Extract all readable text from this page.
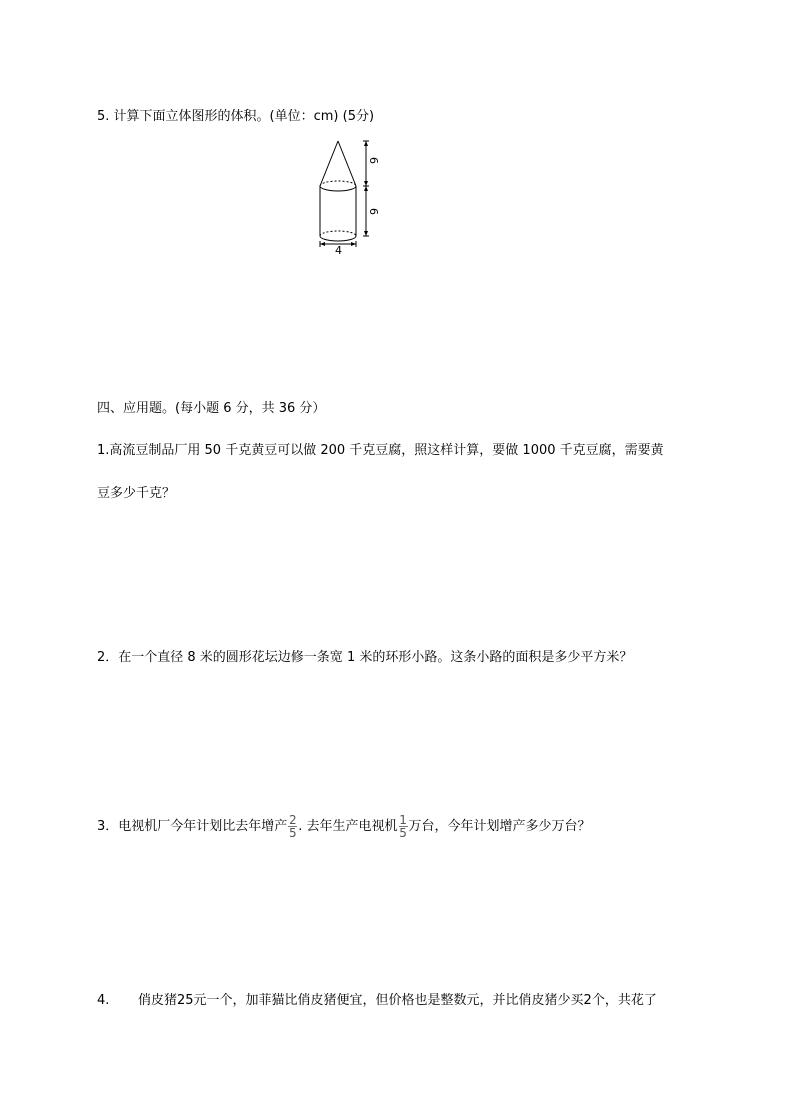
5. 计算下面立体图形的体积。(单位：cm) (5分)
6
6
4
四、应用题。(每小题 6 分，共 36 分）
1.高流豆制品厂用 50 千克黄豆可以做 200 千克豆腐，照这样计算，要做 1000 千克豆腐，需要黄
豆多少千克？
2．在一个直径 8 米的圆形花坛边修一条宽 1 米的环形小路。这条小路的面积是多少平方米？
3．电视机厂今年计划比去年增产 $\frac{2}{5}$ . 去年生产电视机 $\frac{1}{5}$ 万台，今年计划增产多少万台？
4. 俏皮猪25元一个，加菲猫比俏皮猪便宜，但价格也是整数元，并比俏皮猪少买2个，共花了
